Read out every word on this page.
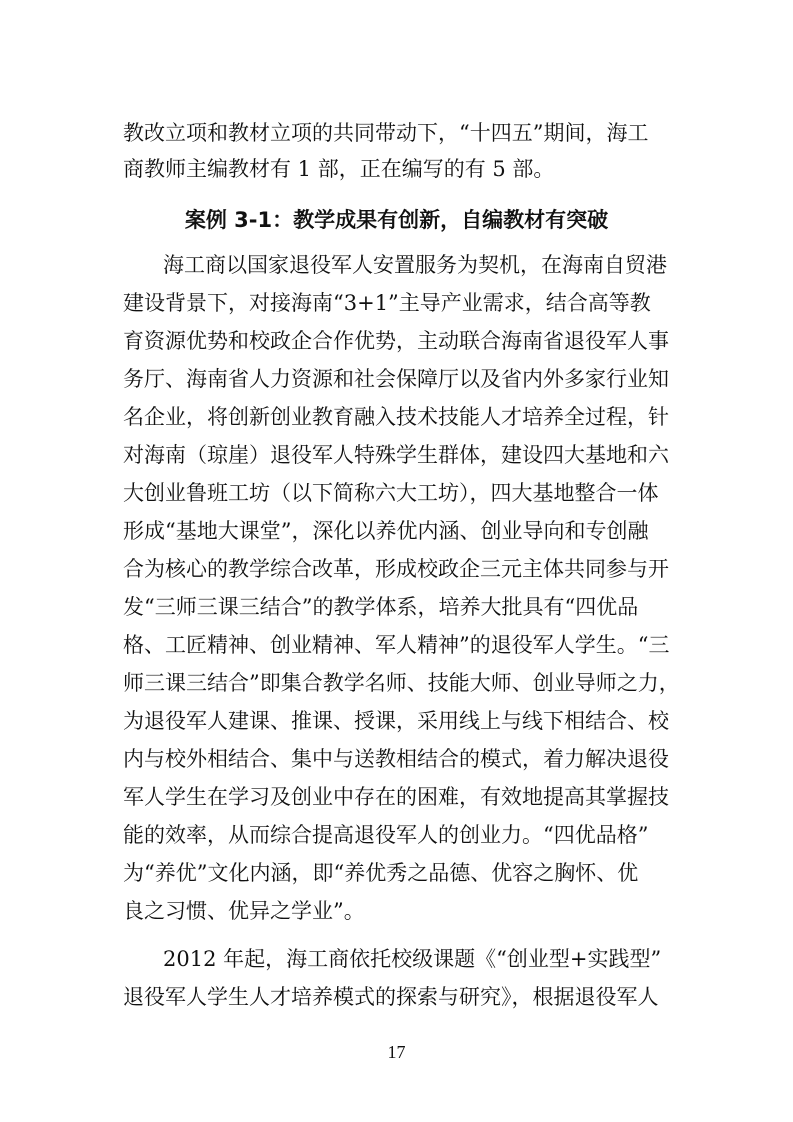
教改立项和教材立项的共同带动下，“十四五”期间，海工
商教师主编教材有 1 部，正在编写的有 5 部。
案例 3-1：教学成果有创新，自编教材有突破
海工商以国家退役军人安置服务为契机，在海南自贸港
建设背景下，对接海南“3+1”主导产业需求，结合高等教
育资源优势和校政企合作优势，主动联合海南省退役军人事
务厅、海南省人力资源和社会保障厅以及省内外多家行业知
名企业，将创新创业教育融入技术技能人才培养全过程，针
对海南（琼崖）退役军人特殊学生群体，建设四大基地和六
大创业鲁班工坊（以下简称六大工坊），四大基地整合一体
形成“基地大课堂”，深化以养优内涵、创业导向和专创融
合为核心的教学综合改革，形成校政企三元主体共同参与开
发“三师三课三结合”的教学体系，培养大批具有“四优品
格、工匠精神、创业精神、军人精神”的退役军人学生。“三
师三课三结合”即集合教学名师、技能大师、创业导师之力，
为退役军人建课、推课、授课，采用线上与线下相结合、校
内与校外相结合、集中与送教相结合的模式，着力解决退役
军人学生在学习及创业中存在的困难，有效地提高其掌握技
能的效率，从而综合提高退役军人的创业力。“四优品格”
为“养优”文化内涵，即“养优秀之品德、优容之胸怀、优
良之习惯、优异之学业”。
2012 年起，海工商依托校级课题《“创业型+实践型”
退役军人学生人才培养模式的探索与研究》，根据退役军人
17
